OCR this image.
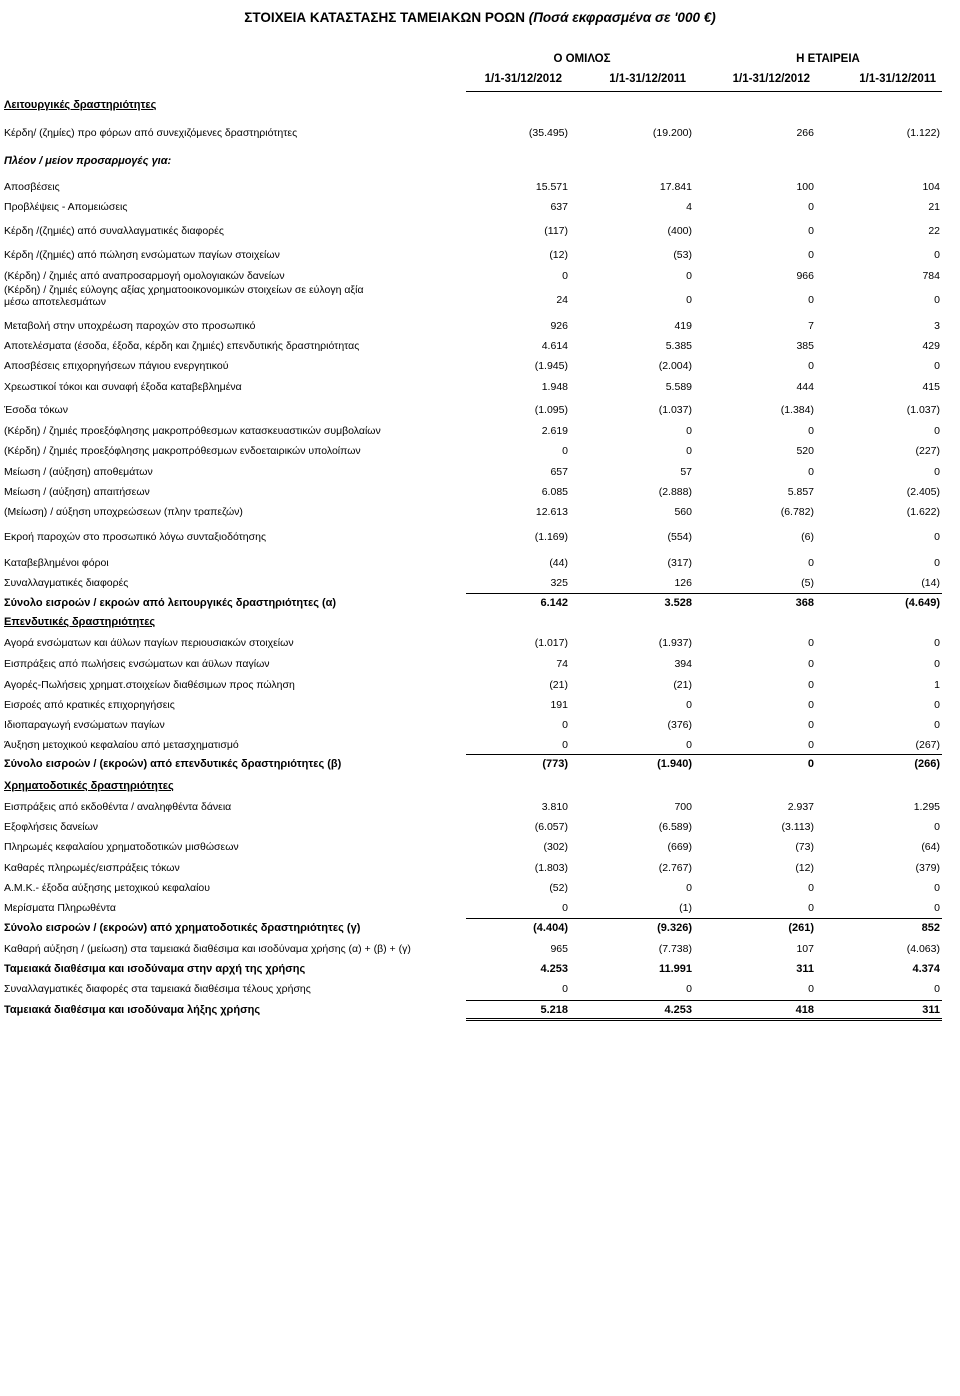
ΣΤΟΙΧΕΙΑ ΚΑΤΑΣΤΑΣΗΣ ΤΑΜΕΙΑΚΩΝ ΡΟΩΝ (Ποσά εκφρασμένα σε '000 €)
Ο ΟΜΙΛΟΣ	Η ΕΤΑΙΡΕΙΑ
1/1-31/12/2012	1/1-31/12/2011	1/1-31/12/2012	1/1-31/12/2011
Λειτουργικές δραστηριότητες
Κέρδη/ (ζημίες) προ φόρων από συνεχιζόμενες δραστηριότητες	(35.495)	(19.200)	266	(1.122)
Πλέον / μείον προσαρμογές για:
Αποσβέσεις	15.571	17.841	100	104
Προβλέψεις - Απομειώσεις	637	4	0	21
Κέρδη /(ζημιές) από συναλλαγματικές διαφορές	(117)	(400)	0	22
Κέρδη /(ζημιές) από πώληση ενσώματων παγίων στοιχείων	(12)	(53)	0	0
(Κέρδη) / ζημιές από αναπροσαρμογή ομολογιακών δανείων	0	0	966	784
(Κέρδη) / ζημιές εύλογης αξίας χρηματοοικονομικών στοιχείων σε εύλογη αξία μέσω αποτελεσμάτων	24	0	0	0
Μεταβολή στην υποχρέωση παροχών στο προσωπικό	926	419	7	3
Αποτελέσματα (έσοδα, έξοδα, κέρδη και ζημιές) επενδυτικής δραστηριότητας	4.614	5.385	385	429
Αποσβέσεις επιχορηγήσεων πάγιου ενεργητικού	(1.945)	(2.004)	0	0
Χρεωστικοί τόκοι και συναφή έξοδα καταβεβλημένα	1.948	5.589	444	415
Έσοδα τόκων	(1.095)	(1.037)	(1.384)	(1.037)
(Κέρδη) / ζημιές προεξόφλησης μακροπρόθεσμων κατασκευαστικών συμβολαίων	2.619	0	0	0
(Κέρδη) / ζημιές προεξόφλησης μακροπρόθεσμων ενδοεταιρικών υπολοίπων	0	0	520	(227)
Μείωση / (αύξηση) αποθεμάτων	657	57	0	0
Μείωση / (αύξηση) απαιτήσεων	6.085	(2.888)	5.857	(2.405)
(Μείωση) / αύξηση υποχρεώσεων (πλην τραπεζών)	12.613	560	(6.782)	(1.622)
Εκροή παροχών στο προσωπικό λόγω συνταξιοδότησης	(1.169)	(554)	(6)	0
Καταβεβλημένοι φόροι	(44)	(317)	0	0
Συναλλαγματικές διαφορές	325	126	(5)	(14)
Σύνολο εισροών / εκροών από λειτουργικές δραστηριότητες (α)	6.142	3.528	368	(4.649)
Επενδυτικές δραστηριότητες
Αγορά ενσώματων και άϋλων παγίων περιουσιακών στοιχείων	(1.017)	(1.937)	0	0
Εισπράξεις από πωλήσεις ενσώματων και άϋλων παγίων	74	394	0	0
Αγορές-Πωλήσεις χρηματ.στοιχείων διαθέσιμων προς πώληση	(21)	(21)	0	1
Εισροές από κρατικές επιχορηγήσεις	191	0	0	0
Ιδιοπαραγωγή ενσώματων παγίων	0	(376)	0	0
Άυξηση μετοχικού κεφαλαίου από μετασχηματισμό	0	0	0	(267)
Σύνολο εισροών / (εκροών) από επενδυτικές δραστηριότητες (β)	(773)	(1.940)	0	(266)
Χρηματοδοτικές δραστηριότητες
Εισπράξεις από εκδοθέντα / αναληφθέντα δάνεια	3.810	700	2.937	1.295
Εξοφλήσεις δανείων	(6.057)	(6.589)	(3.113)	0
Πληρωμές κεφαλαίου χρηματοδοτικών μισθώσεων	(302)	(669)	(73)	(64)
Καθαρές πληρωμές/εισπράξεις τόκων	(1.803)	(2.767)	(12)	(379)
Α.Μ.Κ.- έξοδα αύξησης μετοχικού κεφαλαίου	(52)	0	0	0
Μερίσματα Πληρωθέντα	0	(1)	0	0
Σύνολο εισροών / (εκροών) από χρηματοδοτικές δραστηριότητες (γ)	(4.404)	(9.326)	(261)	852
Καθαρή αύξηση / (μείωση) στα ταμειακά διαθέσιμα και ισοδύναμα χρήσης (α) + (β) + (γ)	965	(7.738)	107	(4.063)
Ταμειακά διαθέσιμα και ισοδύναμα στην αρχή της χρήσης	4.253	11.991	311	4.374
Συναλλαγματικές διαφορές στα ταμειακά διαθέσιμα τέλους χρήσης	0	0	0	0
Ταμειακά διαθέσιμα και ισοδύναμα λήξης χρήσης	5.218	4.253	418	311
